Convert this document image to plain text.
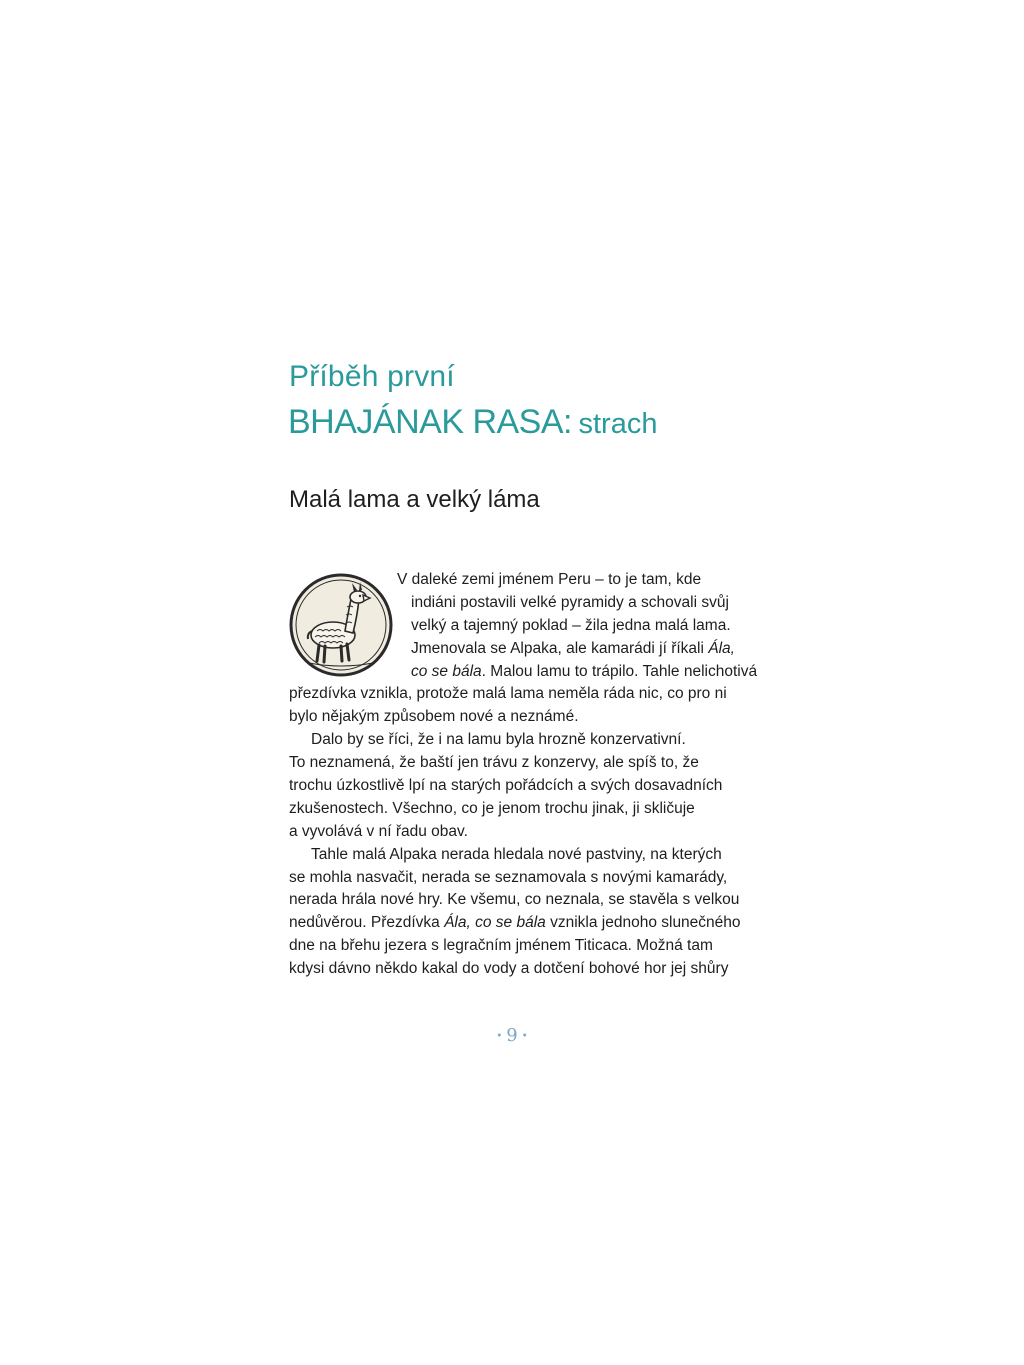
Příběh první
BHAJÁNAK RASA: strach
Malá lama a velký láma
V daleké zemi jménem Peru – to je tam, kde
indiáni postavili velké pyramidy a schovali svůj
velký a tajemný poklad – žila jedna malá lama.
Jmenovala se Alpaka, ale kamarádi jí říkali Ála,
co se bála. Malou lamu to trápilo. Tahle nelichotivá
přezdívka vznikla, protože malá lama neměla ráda nic, co pro ni
bylo nějakým způsobem nové a neznámé.
Dalo by se říci, že i na lamu byla hrozně konzervativní.
To neznamená, že baští jen trávu z konzervy, ale spíš to, že
trochu úzkostlivě lpí na starých pořádcích a svých dosavadních
zkušenostech. Všechno, co je jenom trochu jinak, ji skličuje
a vyvolává v ní řadu obav.
Tahle malá Alpaka nerada hledala nové pastviny, na kterých
se mohla nasvačit, nerada se seznamovala s novými kamarády,
nerada hrála nové hry. Ke všemu, co neznala, se stavěla s velkou
nedůvěrou. Přezdívka Ála, co se bála vznikla jednoho slunečného
dne na břehu jezera s legračním jménem Titicaca. Možná tam
kdysi dávno někdo kakal do vody a dotčení bohové hor jej shůry
• 9 •
